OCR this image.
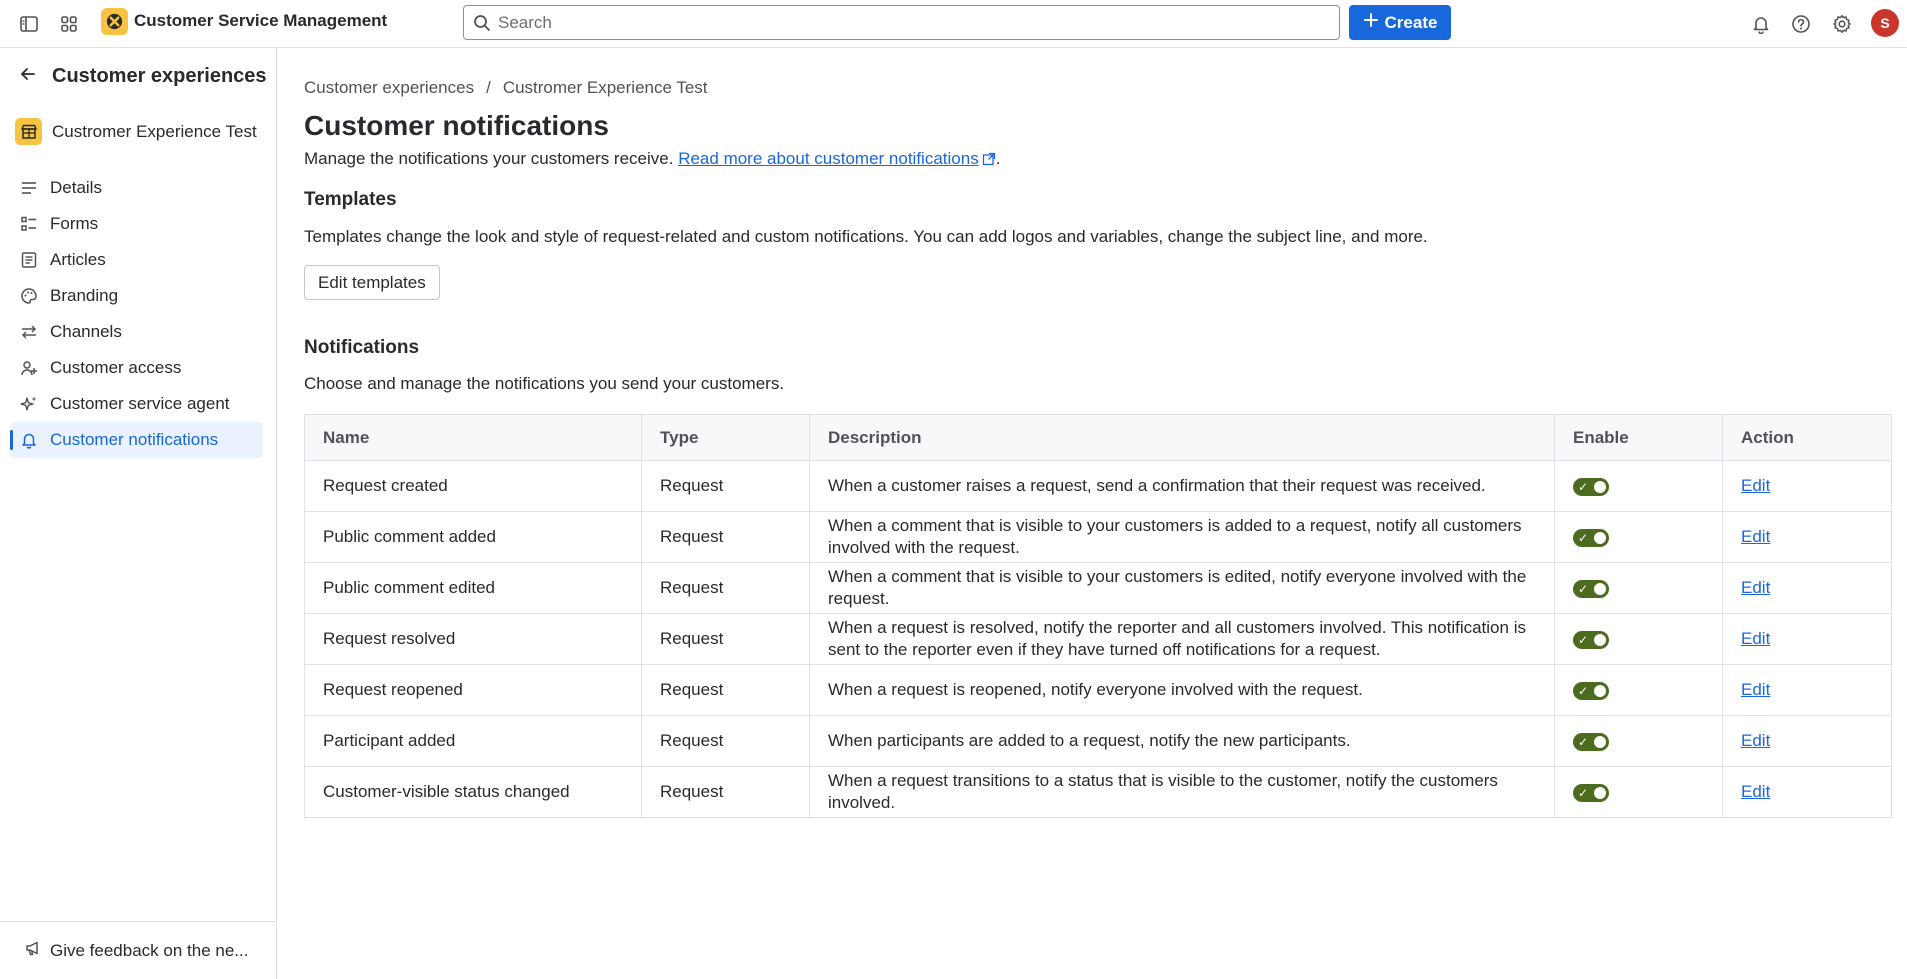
Customer Service Management
Search	Create	S
Customer experiences
Custromer Experience Test
Details
Forms
Articles
Branding
Channels
Customer access
Customer service agent
Customer notifications
Give feedback on the ne...
Customer experiences / Custromer Experience Test
Customer notifications
Manage the notifications your customers receive. Read more about customer notifications .
Templates

Templates change the look and style of request-related and custom notifications. You can add logos and variables, change the subject line, and more.

Edit templates
Notifications

Choose and manage the notifications you send your customers.

Name	Type	Description	Enable	Action
Request created	Request	When a customer raises a request, send a confirmation that their request was received.	✓	Edit
Public comment added	Request	When a comment that is visible to your customers is added to a request, notify all customers involved with the request.	✓	Edit
Public comment edited	Request	When a comment that is visible to your customers is edited, notify everyone involved with the request.	✓	Edit
Request resolved	Request	When a request is resolved, notify the reporter and all customers involved. This notification is sent to the reporter even if they have turned off notifications for a request.	✓	Edit
Request reopened	Request	When a request is reopened, notify everyone involved with the request.	✓	Edit
Participant added	Request	When participants are added to a request, notify the new participants.	✓	Edit
Customer-visible status changed	Request	When a request transitions to a status that is visible to the customer, notify the customers involved.	✓	Edit
